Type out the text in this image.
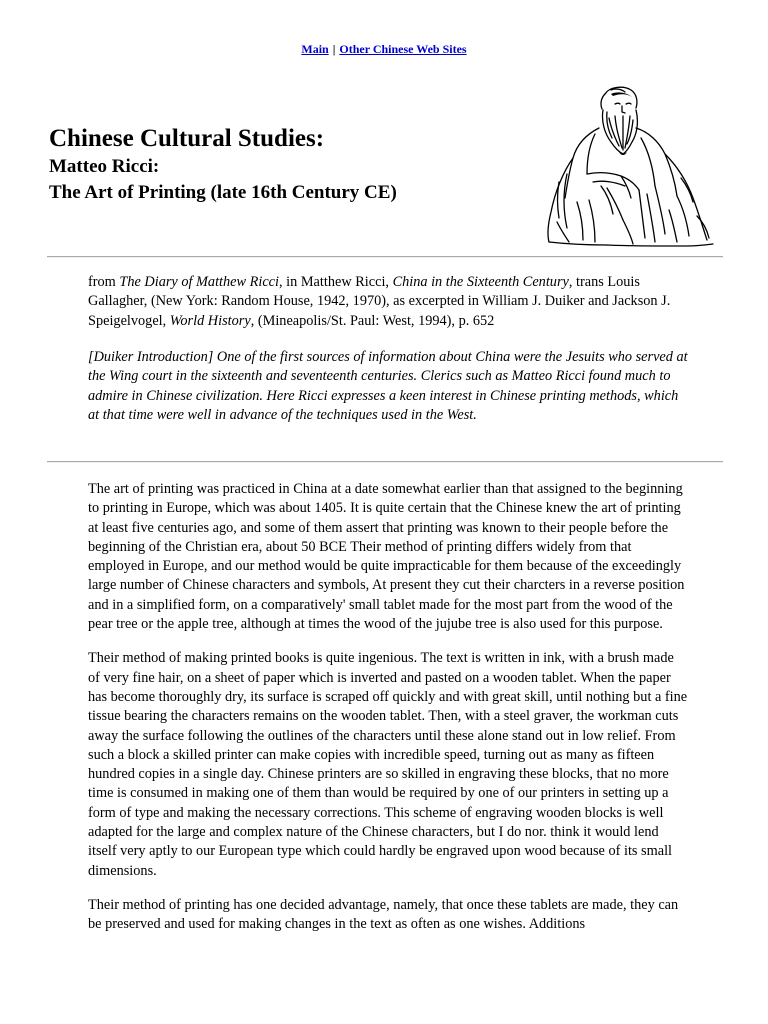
Main | Other Chinese Web Sites
Chinese Cultural Studies:
Matteo Ricci:
The Art of Printing (late 16th Century CE)
from The Diary of Matthew Ricci, in Matthew Ricci, China in the Sixteenth Century, trans Louis Gallagher, (New York: Random House, 1942, 1970), as excerpted in William J. Duiker and Jackson J. Speigelvogel, World History, (Mineapolis/St. Paul: West, 1994), p. 652
[Duiker Introduction] One of the first sources of information about China were the Jesuits who served at the Wing court in the sixteenth and seventeenth centuries. Clerics such as Matteo Ricci found much to admire in Chinese civilization. Here Ricci expresses a keen interest in Chinese printing methods, which at that time were well in advance of the techniques used in the West.

The art of printing was practiced in China at a date somewhat earlier than that assigned to the beginning to printing in Europe, which was about 1405. It is quite certain that the Chinese knew the art of printing at least five centuries ago, and some of them assert that printing was known to their people before the beginning of the Christian era, about 50 BCE Their method of printing differs widely from that employed in Europe, and our method would be quite impracticable for them because of the exceedingly large number of Chinese characters and symbols, At present they cut their charcters in a reverse position and in a simplified form, on a comparatively' small tablet made for the most part from the wood of the pear tree or the apple tree, although at times the wood of the jujube tree is also used for this purpose.

Their method of making printed books is quite ingenious. The text is written in ink, with a brush made of very fine hair, on a sheet of paper which is inverted and pasted on a wooden tablet. When the paper has become thoroughly dry, its surface is scraped off quickly and with great skill, until nothing but a fine tissue bearing the characters remains on the wooden tablet. Then, with a steel graver, the workman cuts away the surface following the outlines of the characters until these alone stand out in low relief. From such a block a skilled printer can make copies with incredible speed, turning out as many as fifteen hundred copies in a single day. Chinese printers are so skilled in engraving these blocks, that no more time is consumed in making one of them than would be required by one of our printers in setting up a form of type and making the necessary corrections. This scheme of engraving wooden blocks is well adapted for the large and complex nature of the Chinese characters, but I do nor. think it would lend itself very aptly to our European type which could hardly be engraved upon wood because of its small dimensions.

Their method of printing has one decided advantage, namely, that once these tablets are made, they can be preserved and used for making changes in the text as often as one wishes. Additions
